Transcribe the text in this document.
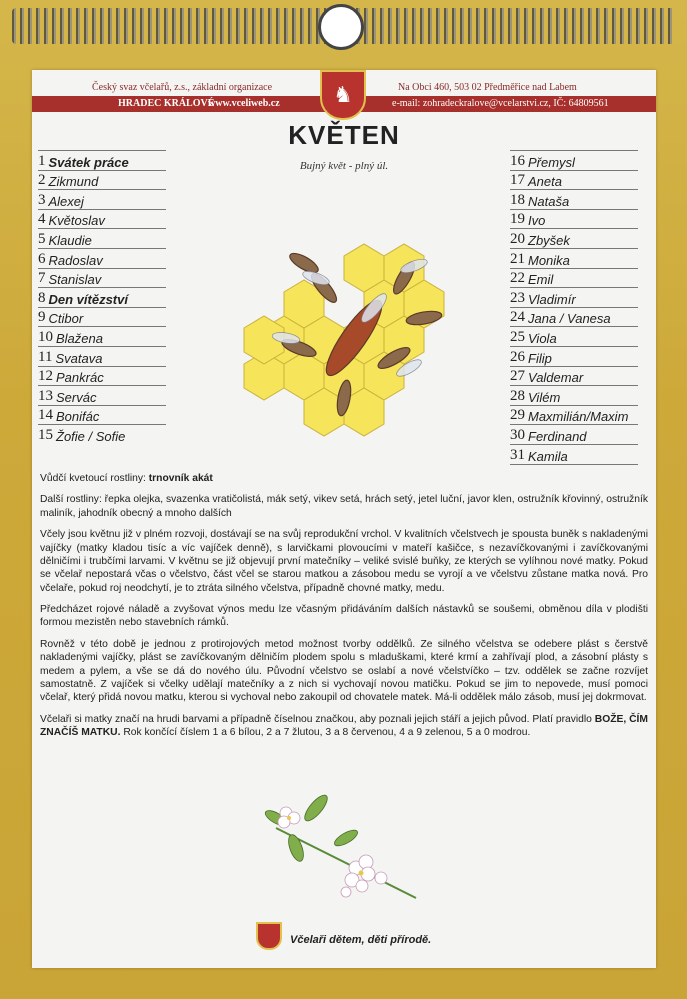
Český svaz včelařů, z.s., základní organizace	Na Obci 460, 503 02 Předměřice nad Labem
HRADEC KRÁLOVÉ
www.vceliweb.cz	e-mail: zohradeckralove@vcelarstvi.cz, IČ: 64809561
♞
KVĚTEN
Bujný květ - plný úl.
1 Svátek práce
2 Zikmund
3 Alexej
4 Květoslav
5 Klaudie
6 Radoslav
7 Stanislav
8 Den vítězství
9 Ctibor
10 Blažena
11 Svatava
12 Pankrác
13 Servác
14 Bonifác
15 Žofie / Sofie
16 Přemysl
17 Aneta
18 Nataša
19 Ivo
20 Zbyšek
21 Monika
22 Emil
23 Vladimír
24 Jana / Vanesa
25 Viola
26 Filip
27 Valdemar
28 Vilém
29 Maxmilián/Maxim
30 Ferdinand
31 Kamila

Vůdčí kvetoucí rostliny: trnovník akát

Další rostliny: řepka olejka, svazenka vratičolistá, mák setý, vikev setá, hrách setý, jetel luční, javor klen, ostružník křovinný, ostružník maliník, jahodník obecný a mnoho dalších

Včely jsou květnu již v plném rozvoji, dostávají se na svůj reprodukční vrchol. V kvalitních včelstvech je spousta buněk s nakladenými vajíčky (matky kladou tisíc a víc vajíček denně), s larvičkami plovoucími v mateří kašičce, s nezavíčkovanými i zavíčkovanými dělničími i trubčími larvami. V květnu se již objevují první matečníky – veliké svislé buňky, ze kterých se vylíhnou nové matky. Pokud se včelař nepostará včas o včelstvo, část včel se starou matkou a zásobou medu se vyrojí a ve včelstvu zůstane matka nová. Pro včelaře, pokud roj neodchytí, je to ztráta silného včelstva, případně chovné matky, medu.

Předcházet rojové náladě a zvyšovat výnos medu lze včasným přidáváním dalších nástavků se soušemi, obměnou díla v plodišti formou mezistěn nebo stavebních rámků.

Rovněž v této době je jednou z protirojových metod možnost tvorby oddělků. Ze silného včelstva se odebere plást s čerstvě nakladenými vajíčky, plást se zavíčkovaným dělničím plodem spolu s mladuškami, které krmí a zahřívají plod, a zásobní plásty s medem a pylem, a vše se dá do nového úlu. Původní včelstvo se oslabí a nové včelstvíčko – tzv. oddělek se začne rozvíjet samostatně. Z vajíček si včelky udělají matečníky a z nich si vychovají novou matičku. Pokud se jim to nepovede, musí pomoci včelař, který přidá novou matku, kterou si vychoval nebo zakoupil od chovatele matek. Má-li oddělek málo zásob, musí jej dokrmovat.

Včelaři si matky značí na hrudi barvami a případně číselnou značkou, aby poznali jejich stáří a jejich původ. Platí pravidlo BOŽE, ČÍM ZNAČÍŠ MATKU. Rok končící číslem 1 a 6 bílou, 2 a 7 žlutou, 3 a 8 červenou, 4 a 9 zelenou, 5 a 0 modrou.

Včelaři dětem, děti přírodě.
